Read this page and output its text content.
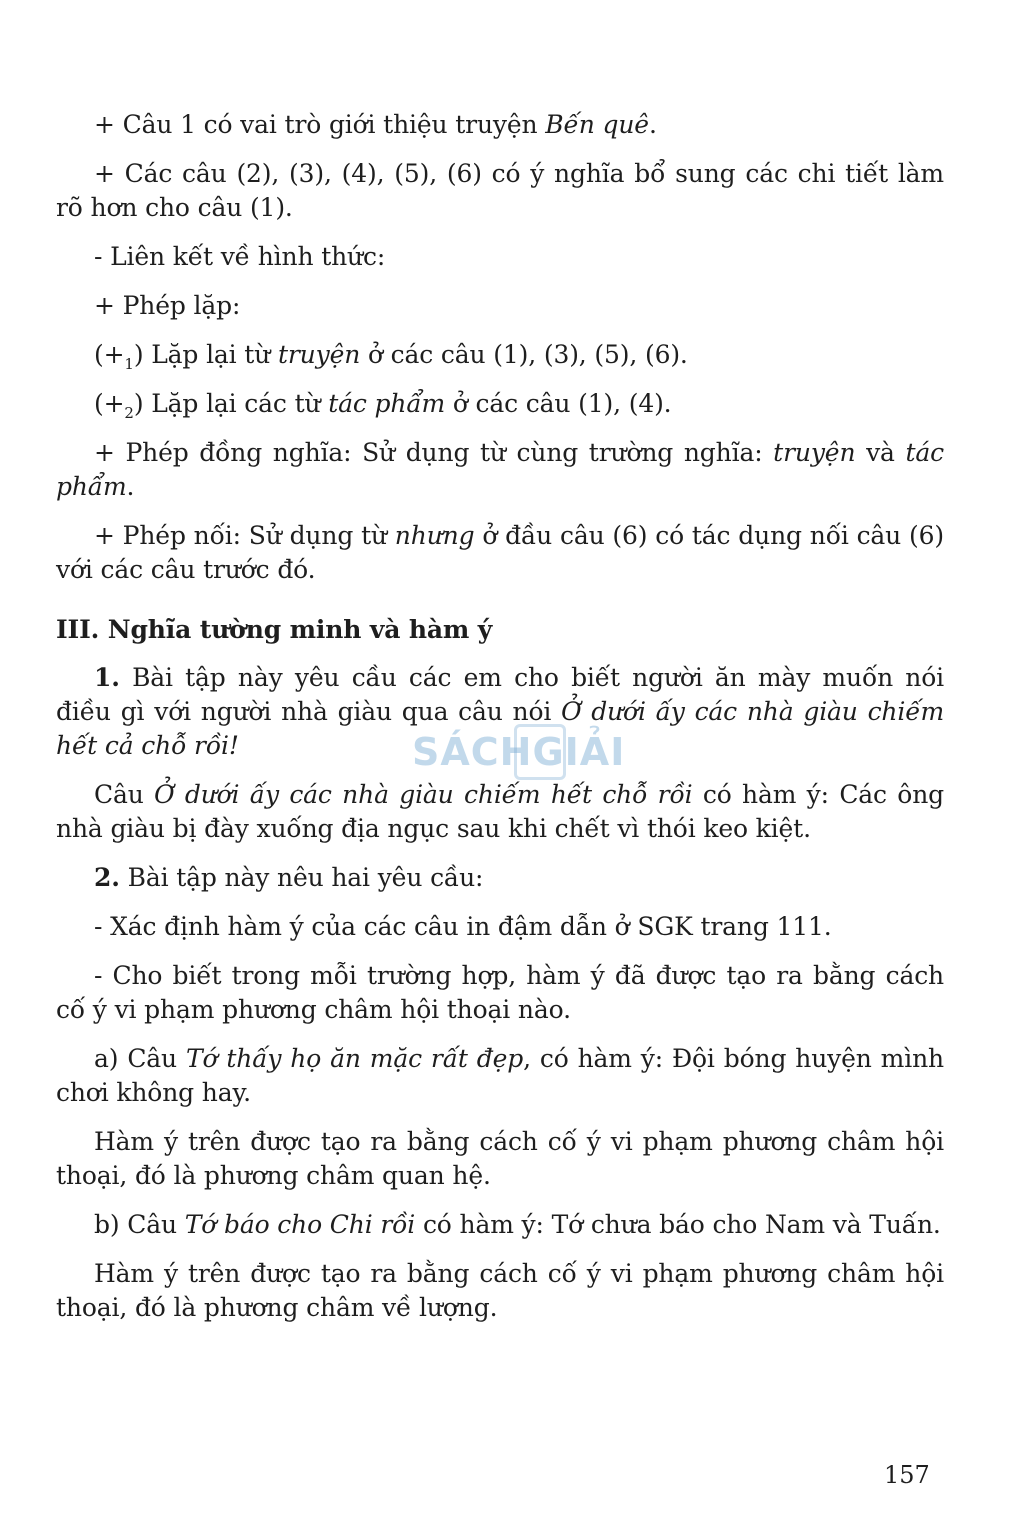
+ Câu 1 có vai trò giới thiệu truyện Bến quê.

+ Các câu (2), (3), (4), (5), (6) có ý nghĩa bổ sung các chi tiết làm rõ hơn cho câu (1).

- Liên kết về hình thức:

+ Phép lặp:

$(+_1)$ Lặp lại từ truyện ở các câu (1), (3), (5), (6).

$(+_2)$ Lặp lại các từ tác phẩm ở các câu (1), (4).

+ Phép đồng nghĩa: Sử dụng từ cùng trường nghĩa: truyện và tác phẩm.

+ Phép nối: Sử dụng từ nhưng ở đầu câu (6) có tác dụng nối câu (6) với các câu trước đó.

III. Nghĩa tường minh và hàm ý

1. Bài tập này yêu cầu các em cho biết người ăn mày muốn nói điều gì với người nhà giàu qua câu nói Ở dưới ấy các nhà giàu chiếm hết cả chỗ rồi!

Câu Ở dưới ấy các nhà giàu chiếm hết chỗ rồi có hàm ý: Các ông nhà giàu bị đày xuống địa ngục sau khi chết vì thói keo kiệt.

2. Bài tập này nêu hai yêu cầu:

- Xác định hàm ý của các câu in đậm dẫn ở SGK trang 111.

- Cho biết trong mỗi trường hợp, hàm ý đã được tạo ra bằng cách cố ý vi phạm phương châm hội thoại nào.

a) Câu Tớ thấy họ ăn mặc rất đẹp, có hàm ý: Đội bóng huyện mình chơi không hay.

Hàm ý trên được tạo ra bằng cách cố ý vi phạm phương châm hội thoại, đó là phương châm quan hệ.

b) Câu Tớ báo cho Chi rồi có hàm ý: Tớ chưa báo cho Nam và Tuấn.

Hàm ý trên được tạo ra bằng cách cố ý vi phạm phương châm hội thoại, đó là phương châm về lượng.

SÁCHGIẢI
157
